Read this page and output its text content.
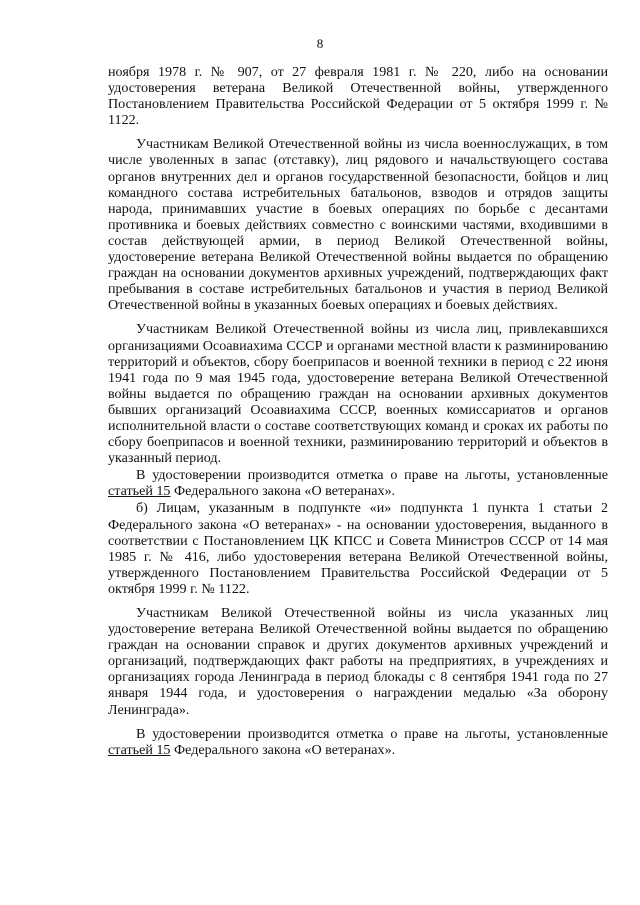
8

ноября 1978 г. № 907, от 27 февраля 1981 г. № 220, либо на основании удостоверения ветерана Великой Отечественной войны, утвержденного Постановлением Правительства Российской Федерации от 5 октября 1999 г. № 1122.

Участникам Великой Отечественной войны из числа военнослужащих, в том числе уволенных в запас (отставку), лиц рядового и начальствующего состава органов внутренних дел и органов государственной безопасности, бойцов и лиц командного состава истребительных батальонов, взводов и отрядов защиты народа, принимавших участие в боевых операциях по борьбе с десантами противника и боевых действиях совместно с воинскими частями, входившими в состав действующей армии, в период Великой Отечественной войны, удостоверение ветерана Великой Отечественной войны выдается по обращению граждан на основании документов архивных учреждений, подтверждающих факт пребывания в составе истребительных батальонов и участия в период Великой Отечественной войны в указанных боевых операциях и боевых действиях.

Участникам Великой Отечественной войны из числа лиц, привлекавшихся организациями Осоавиахима СССР и органами местной власти к разминированию территорий и объектов, сбору боеприпасов и военной техники в период с 22 июня 1941 года по 9 мая 1945 года, удостоверение ветерана Великой Отечественной войны выдается по обращению граждан на основании архивных документов бывших организаций Осоавиахима СССР, военных комиссариатов и органов исполнительной власти о составе соответствующих команд и сроках их работы по сбору боеприпасов и военной техники, разминированию территорий и объектов в указанный период.

В удостоверении производится отметка о праве на льготы, установленные статьей 15 Федерального закона «О ветеранах».

б) Лицам, указанным в подпункте «и» подпункта 1 пункта 1 статьи 2 Федерального закона «О ветеранах» - на основании удостоверения, выданного в соответствии с Постановлением ЦК КПСС и Совета Министров СССР от 14 мая 1985 г. № 416, либо удостоверения ветерана Великой Отечественной войны, утвержденного Постановлением Правительства Российской Федерации от 5 октября 1999 г. № 1122.

Участникам Великой Отечественной войны из числа указанных лиц удостоверение ветерана Великой Отечественной войны выдается по обращению граждан на основании справок и других документов архивных учреждений и организаций, подтверждающих факт работы на предприятиях, в учреждениях и организациях города Ленинграда в период блокады с 8 сентября 1941 года по 27 января 1944 года, и удостоверения о награждении медалью «За оборону Ленинграда».

В удостоверении производится отметка о праве на льготы, установленные статьей 15 Федерального закона «О ветеранах».
